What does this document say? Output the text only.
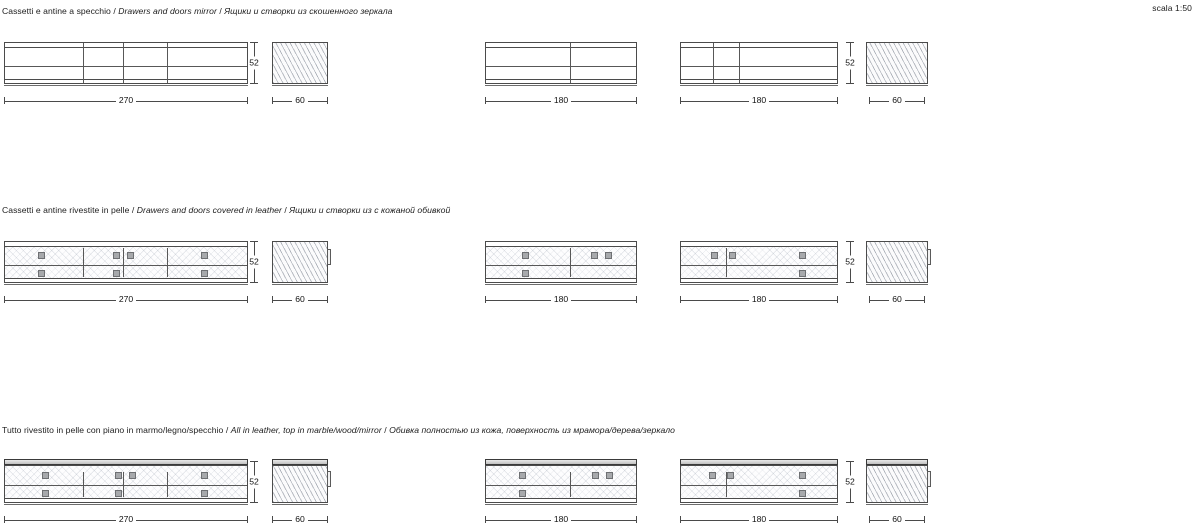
scala 1:50
Cassetti e antine a specchio / Drawers and doors mirror / Ящики и створки из скошенного зеркала
270
52
60	180	180
52
60
Cassetti e antine rivestite in pelle / Drawers and doors covered in leather / Ящики и створки из с кожаной обивкой
270
52
60	180	180
52
60
Tutto rivestito in pelle con piano in marmo/legno/specchio / All in leather, top in marble/wood/mirror / Обивка полностью из кожа, поверхность из мрамора/дерева/зеркало
270
52
60	180	180
52
60
